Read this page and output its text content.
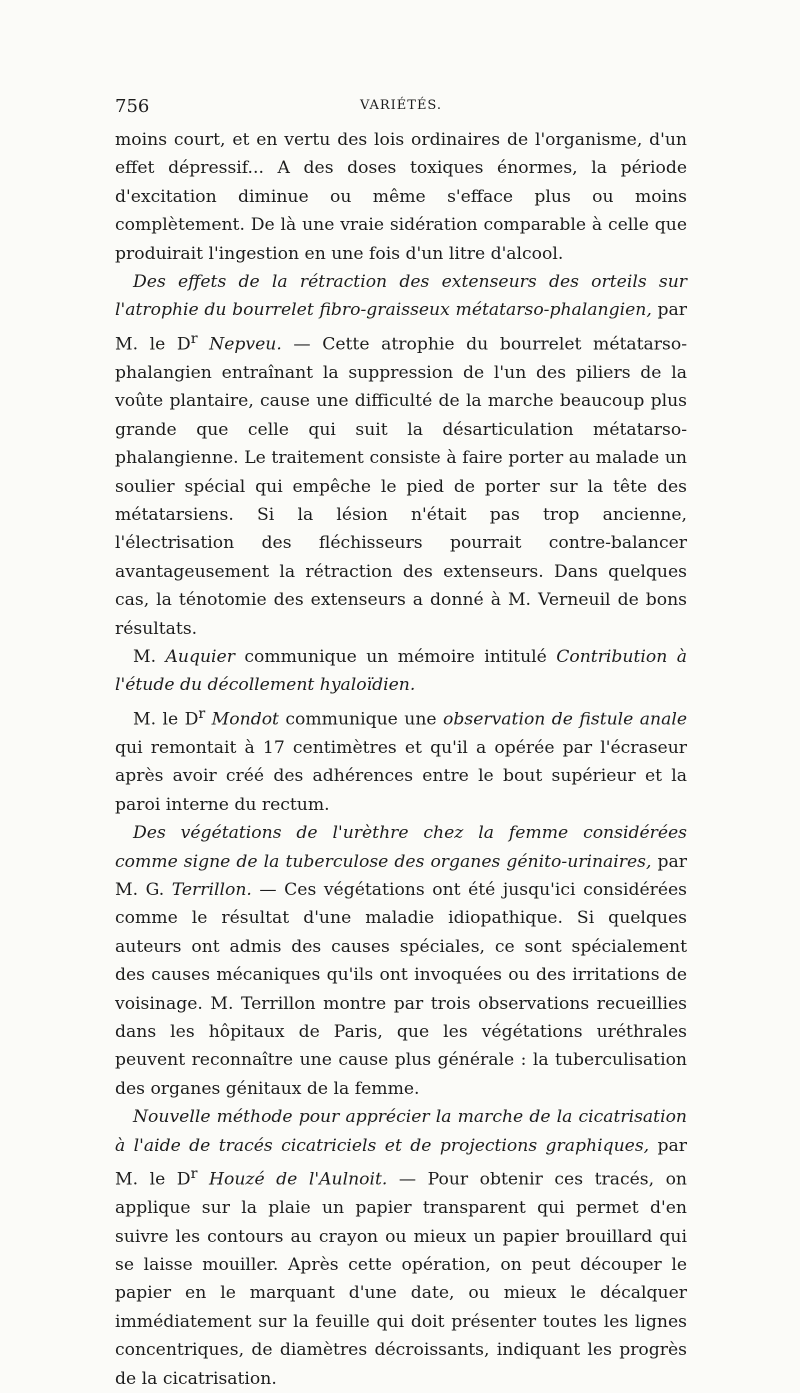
756	VARIÉTÉS.

moins court, et en vertu des lois ordinaires de l'organisme, d'un effet dépressif... A des doses toxiques énormes, la période d'excitation diminue ou même s'efface plus ou moins complètement. De là une vraie sidération comparable à celle que produirait l'ingestion en une fois d'un litre d'alcool.

Des effets de la rétraction des extenseurs des orteils sur l'atrophie du bourrelet fibro-graisseux métatarso-phalangien, par M. le $D^r$ Nepveu. — Cette atrophie du bourrelet métatarso-phalangien entraînant la suppression de l'un des piliers de la voûte plantaire, cause une difficulté de la marche beaucoup plus grande que celle qui suit la désarticulation métatarso-phalangienne. Le traitement consiste à faire porter au malade un soulier spécial qui empêche le pied de porter sur la tête des métatarsiens. Si la lésion n'était pas trop ancienne, l'électrisation des fléchisseurs pourrait contre-balancer avantageusement la rétraction des extenseurs. Dans quelques cas, la ténotomie des extenseurs a donné à M. Verneuil de bons résultats.

M. Auquier communique un mémoire intitulé Contribution à l'étude du décollement hyaloïdien.

M. le $D^r$ Mondot communique une observation de fistule anale qui remontait à 17 centimètres et qu'il a opérée par l'écraseur après avoir créé des adhérences entre le bout supérieur et la paroi interne du rectum.

Des végétations de l'urèthre chez la femme considérées comme signe de la tuberculose des organes génito-urinaires, par M. G. Terrillon. — Ces végétations ont été jusqu'ici considérées comme le résultat d'une maladie idiopathique. Si quelques auteurs ont admis des causes spéciales, ce sont spécialement des causes mécaniques qu'ils ont invoquées ou des irritations de voisinage. M. Terrillon montre par trois observations recueillies dans les hôpitaux de Paris, que les végétations uréthrales peuvent reconnaître une cause plus générale : la tuberculisation des organes génitaux de la femme.

Nouvelle méthode pour apprécier la marche de la cicatrisation à l'aide de tracés cicatriciels et de projections graphiques, par M. le $D^r$ Houzé de l'Aulnoit. — Pour obtenir ces tracés, on applique sur la plaie un papier transparent qui permet d'en suivre les contours au crayon ou mieux un papier brouillard qui se laisse mouiller. Après cette opération, on peut découper le papier en le marquant d'une date, ou mieux le décalquer immédiatement sur la feuille qui doit présenter toutes les lignes concentriques, de diamètres décroissants, indiquant les progrès de la cicatrisation.
